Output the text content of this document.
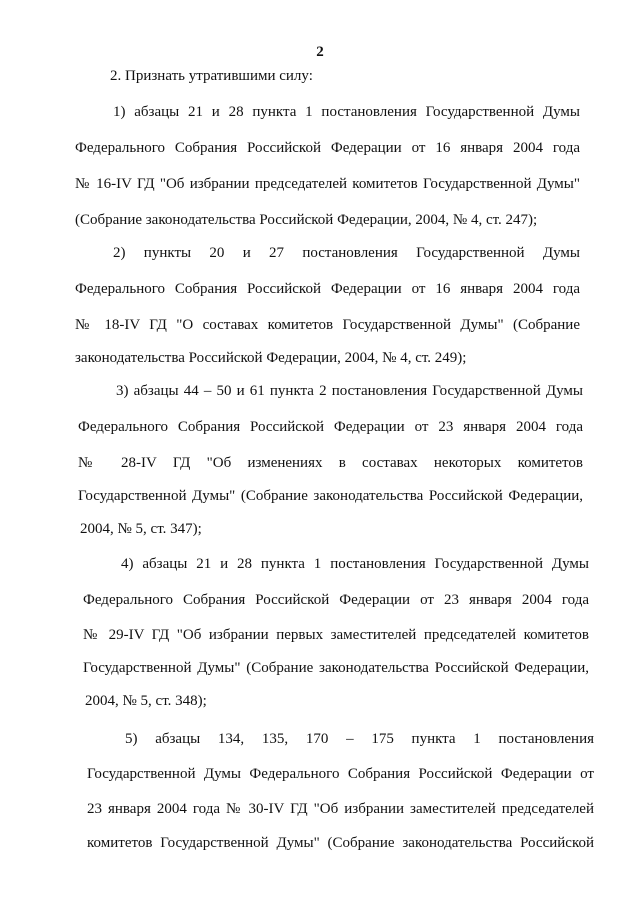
2
2. Признать утратившими силу:
1) абзацы 21 и 28 пункта 1 постановления Государственной Думы
Федерального Собрания Российской Федерации от 16 января 2004 года
№ 16-IV ГД "Об избрании председателей комитетов Государственной Думы"
(Собрание законодательства Российской Федерации, 2004, № 4, ст. 247);
2) пункты 20 и 27 постановления Государственной Думы
Федерального Собрания Российской Федерации от 16 января 2004 года
№ 18-IV ГД "О составах комитетов Государственной Думы" (Собрание
законодательства Российской Федерации, 2004, № 4, ст. 249);
3) абзацы 44 – 50 и 61 пункта 2 постановления Государственной Думы
Федерального Собрания Российской Федерации от 23 января 2004 года
№ 28-IV ГД "Об изменениях в составах некоторых комитетов
Государственной Думы" (Собрание законодательства Российской Федерации,
2004, № 5, ст. 347);
4) абзацы 21 и 28 пункта 1 постановления Государственной Думы
Федерального Собрания Российской Федерации от 23 января 2004 года
№ 29-IV ГД "Об избрании первых заместителей председателей комитетов
Государственной Думы" (Собрание законодательства Российской Федерации,
2004, № 5, ст. 348);
5) абзацы 134, 135, 170 – 175 пункта 1 постановления
Государственной Думы Федерального Собрания Российской Федерации от
23 января 2004 года № 30-IV ГД "Об избрании заместителей председателей
комитетов Государственной Думы" (Собрание законодательства Российской
